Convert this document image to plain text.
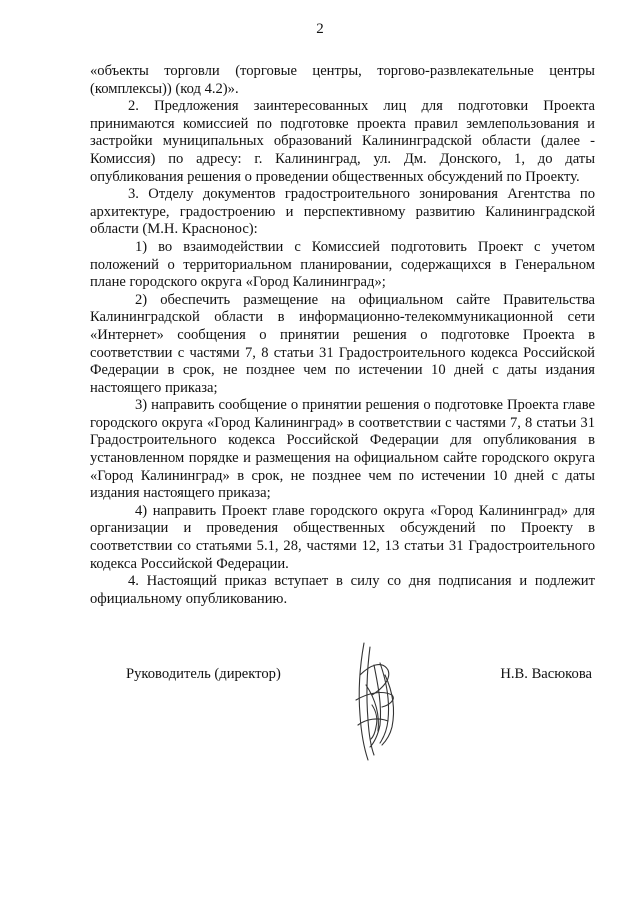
2

«объекты торговли (торговые центры, торгово-развлекательные центры (комплексы)) (код 4.2)».

2. Предложения заинтересованных лиц для подготовки Проекта принимаются комиссией по подготовке проекта правил землепользования и застройки муниципальных образований Калининградской области (далее - Комиссия) по адресу: г. Калининград, ул. Дм. Донского, 1, до даты опубликования решения о проведении общественных обсуждений по Проекту.

3. Отделу документов градостроительного зонирования Агентства по архитектуре, градостроению и перспективному развитию Калининградской области (М.Н. Краснонос):

1) во взаимодействии с Комиссией подготовить Проект с учетом положений о территориальном планировании, содержащихся в Генеральном плане городского округа «Город Калининград»;

2) обеспечить размещение на официальном сайте Правительства Калининградской области в информационно-телекоммуникационной сети «Интернет» сообщения о принятии решения о подготовке Проекта в соответствии с частями 7, 8 статьи 31 Градостроительного кодекса Российской Федерации в срок, не позднее чем по истечении 10 дней с даты издания настоящего приказа;

3) направить сообщение о принятии решения о подготовке Проекта главе городского округа «Город Калининград» в соответствии с частями 7, 8 статьи 31 Градостроительного кодекса Российской Федерации для опубликования в установленном порядке и размещения на официальном сайте городского округа «Город Калининград» в срок, не позднее чем по истечении 10 дней с даты издания настоящего приказа;

4) направить Проект главе городского округа «Город Калининград» для организации и проведения общественных обсуждений по Проекту в соответствии со статьями 5.1, 28, частями 12, 13 статьи 31 Градостроительного кодекса Российской Федерации.

4. Настоящий приказ вступает в силу со дня подписания и подлежит официальному опубликованию.

Руководитель (директор)	Н.В. Васюкова
